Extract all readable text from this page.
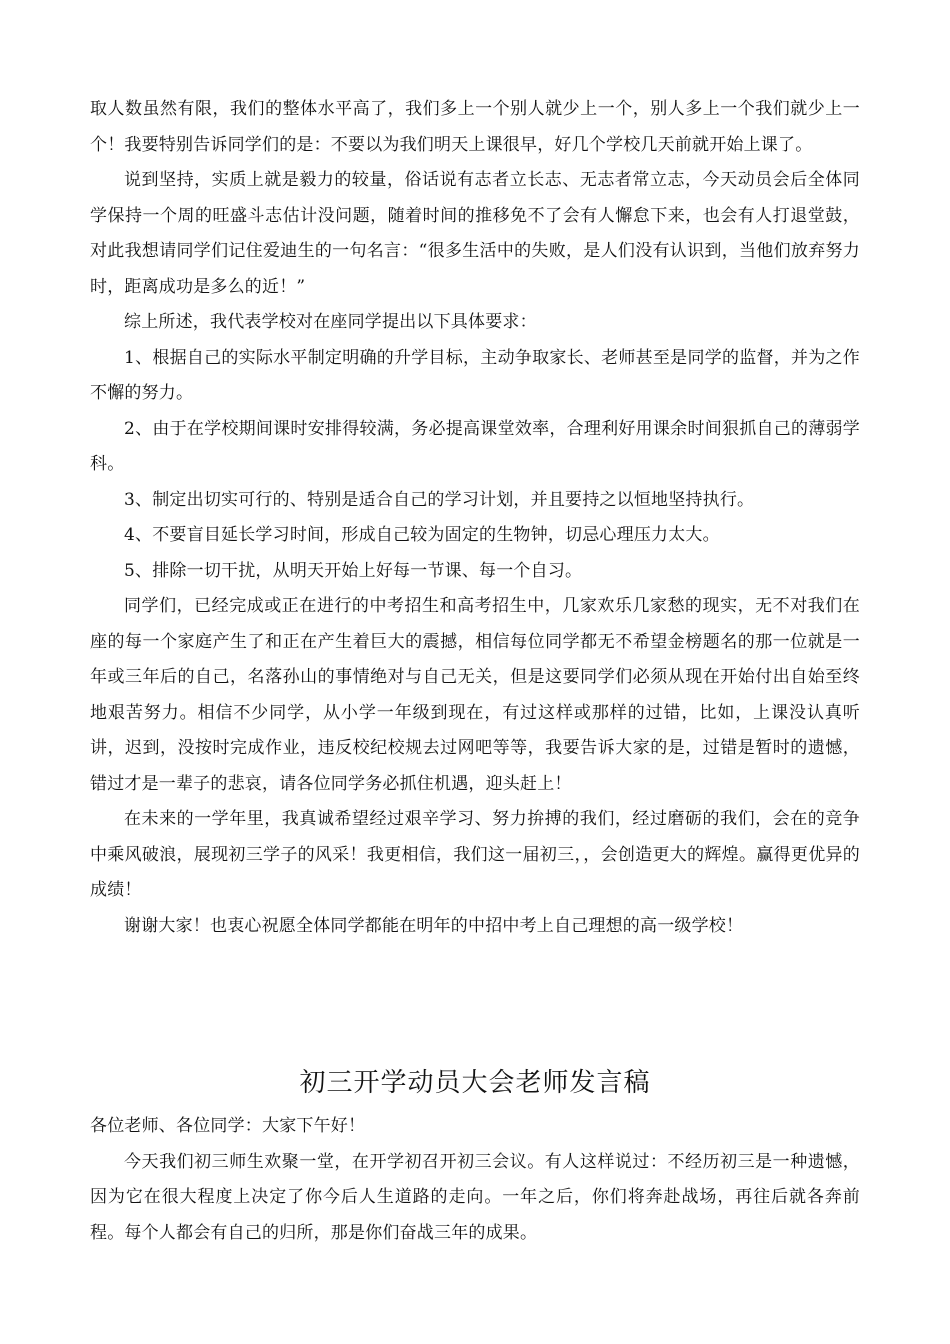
取人数虽然有限，我们的整体水平高了，我们多上一个别人就少上一个，别人多上一个我们就少上一个！我要特别告诉同学们的是：不要以为我们明天上课很早，好几个学校几天前就开始上课了。

说到坚持，实质上就是毅力的较量，俗话说有志者立长志、无志者常立志，今天动员会后全体同学保持一个周的旺盛斗志估计没问题，随着时间的推移免不了会有人懈怠下来，也会有人打退堂鼓，对此我想请同学们记住爱迪生的一句名言：“很多生活中的失败，是人们没有认识到，当他们放弃努力时，距离成功是多么的近！”

综上所述，我代表学校对在座同学提出以下具体要求：

1、根据自己的实际水平制定明确的升学目标，主动争取家长、老师甚至是同学的监督，并为之作不懈的努力。

2、由于在学校期间课时安排得较满，务必提高课堂效率，合理利好用课余时间狠抓自己的薄弱学科。

3、制定出切实可行的、特别是适合自己的学习计划，并且要持之以恒地坚持执行。

4、不要盲目延长学习时间，形成自己较为固定的生物钟，切忌心理压力太大。

5、排除一切干扰，从明天开始上好每一节课、每一个自习。

同学们，已经完成或正在进行的中考招生和高考招生中，几家欢乐几家愁的现实，无不对我们在座的每一个家庭产生了和正在产生着巨大的震撼，相信每位同学都无不希望金榜题名的那一位就是一年或三年后的自己，名落孙山的事情绝对与自己无关，但是这要同学们必须从现在开始付出自始至终地艰苦努力。相信不少同学，从小学一年级到现在，有过这样或那样的过错，比如，上课没认真听讲，迟到，没按时完成作业，违反校纪校规去过网吧等等，我要告诉大家的是，过错是暂时的遗憾，错过才是一辈子的悲哀，请各位同学务必抓住机遇，迎头赶上！

在未来的一学年里，我真诚希望经过艰辛学习、努力拚搏的我们，经过磨砺的我们，会在的竞争中乘风破浪，展现初三学子的风采！我更相信，我们这一届初三，，会创造更大的辉煌。赢得更优异的成绩！

谢谢大家！也衷心祝愿全体同学都能在明年的中招中考上自己理想的高一级学校！

初三开学动员大会老师发言稿

各位老师、各位同学：大家下午好！

今天我们初三师生欢聚一堂，在开学初召开初三会议。有人这样说过：不经历初三是一种遗憾，因为它在很大程度上决定了你今后人生道路的走向。一年之后，你们将奔赴战场，再往后就各奔前程。每个人都会有自己的归所，那是你们奋战三年的成果。
